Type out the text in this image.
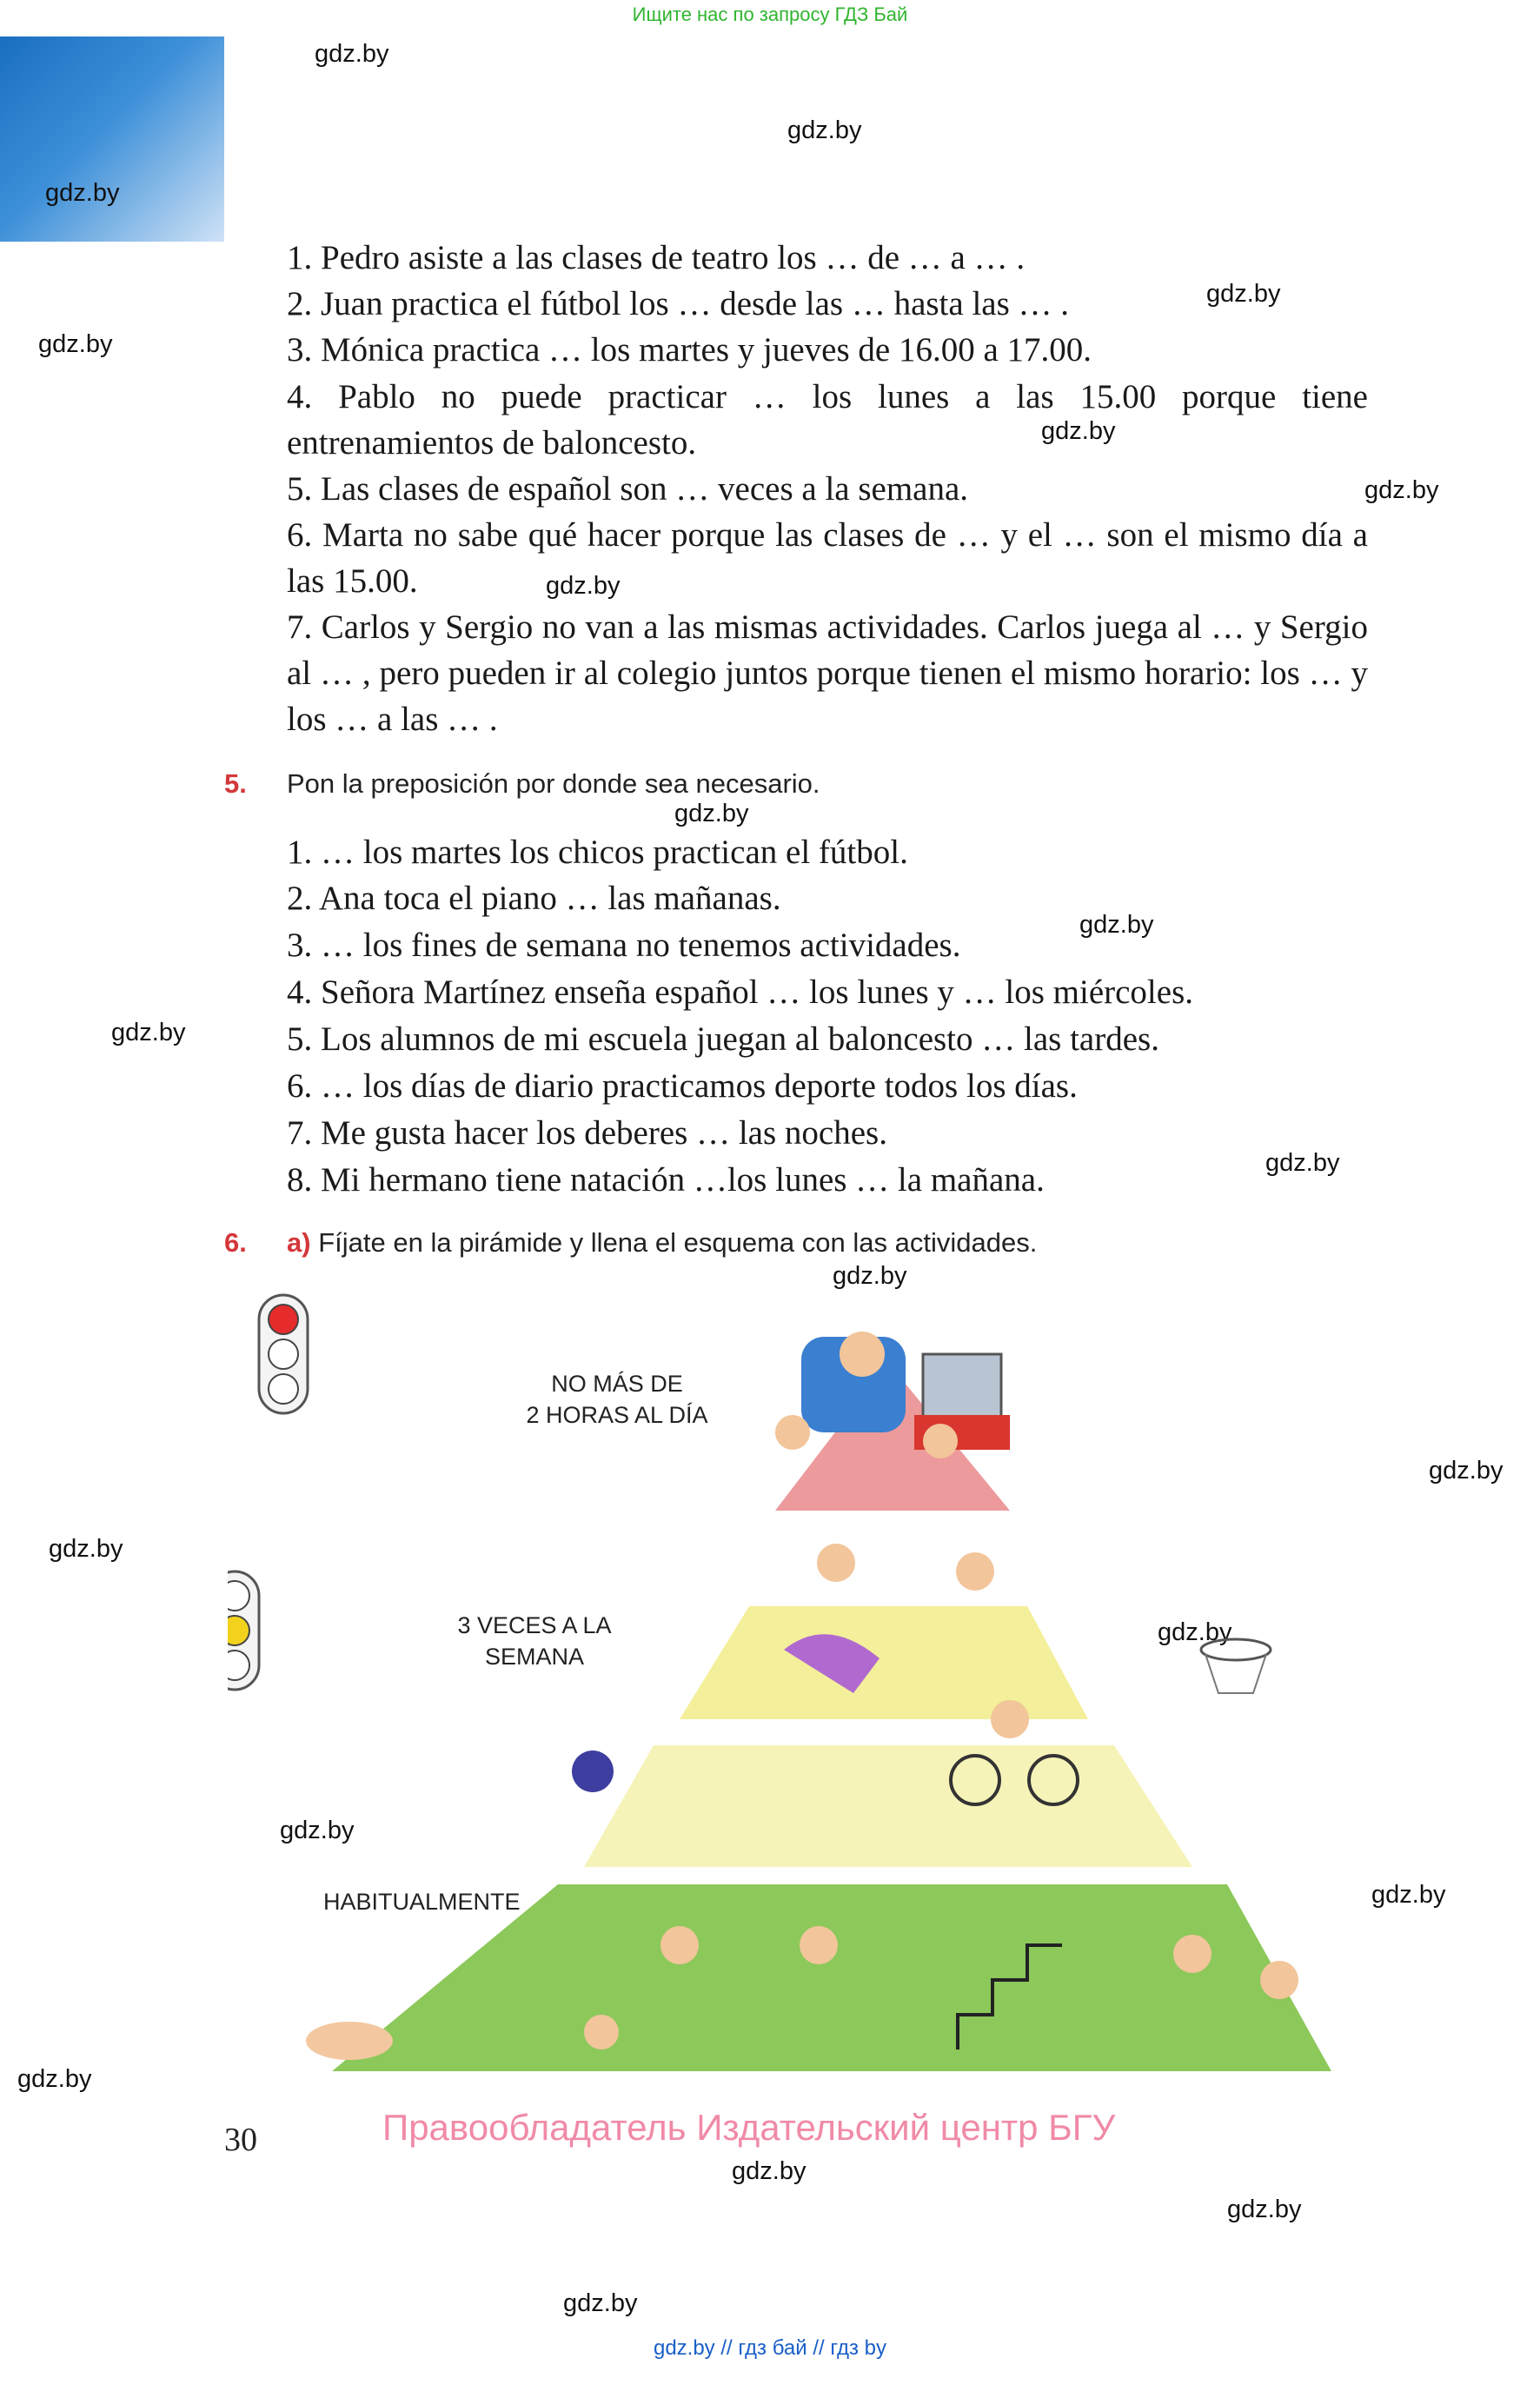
Ищите нас по запросу ГДЗ Бай
gdz.by
gdz.by
gdz.by
gdz.by
gdz.by
gdz.by
gdz.by
gdz.by
gdz.by
gdz.by
gdz.by
gdz.by
gdz.by
gdz.by
gdz.by
gdz.by
gdz.by
gdz.by
gdz.by
gdz.by
gdz.by
gdz.by
1. Pedro asiste a las clases de teatro los … de … a … .
2. Juan practica el fútbol los … desde las … hasta las … .
3. Mónica practica … los martes y jueves de 16.00 a 17.00.
4. Pablo no puede practicar … los lunes a las 15.00 porque tiene entrenamientos de baloncesto.
5. Las clases de español son … veces a la semana.
6. Marta no sabe qué hacer porque las clases de … y el … son el mismo día a las 15.00.
7. Carlos y Sergio no van a las mismas actividades. Carlos juega al … y Sergio al … , pero pueden ir al colegio juntos porque tienen el mismo horario: los … y los … a las … .
5. Pon la preposición por donde sea necesario.
1. … los martes los chicos practican el fútbol.
2. Ana toca el piano … las mañanas.
3. … los fines de semana no tenemos actividades.
4. Señora Martínez enseña español … los lunes y … los miércoles.
5. Los alumnos de mi escuela juegan al baloncesto … las tardes.
6. … los días de diario practicamos deporte todos los días.
7. Me gusta hacer los deberes … las noches.
8. Mi hermano tiene natación …los lunes … la mañana.
6. a) Fíjate en la pirámide y llena el esquema con las actividades.
NO MÁS DE
2 HORAS AL DÍA
3 VECES A LA
SEMANA
HABITUALMENTE
30	Правообладатель Издательский центр БГУ
gdz.by // гдз бай // гдз by
